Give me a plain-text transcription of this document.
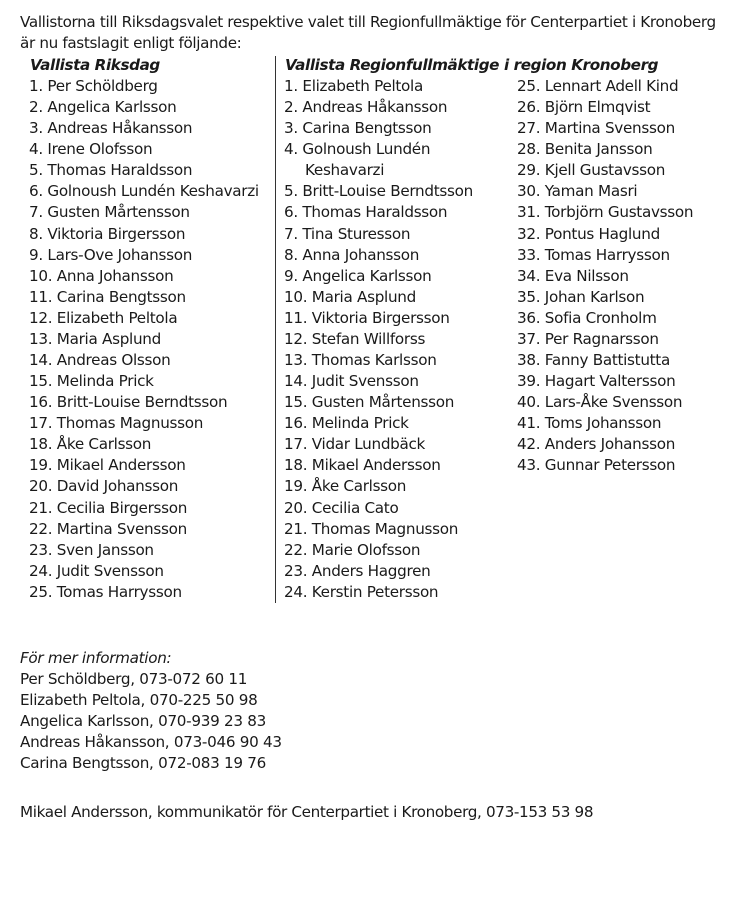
Vallistorna till Riksdagsvalet respektive valet till Regionfullmäktige för Centerpartiet i Kronoberg är nu fastslagit enligt följande:
Vallista Riksdag	Vallista Regionfullmäktige i region Kronoberg
1. Per Schöldberg
2. Angelica Karlsson
3. Andreas Håkansson
4. Irene Olofsson
5. Thomas Haraldsson
6. Golnoush Lundén Keshavarzi
7. Gusten Mårtensson
8. Viktoria Birgersson
9. Lars-Ove Johansson
10. Anna Johansson
11. Carina Bengtsson
12. Elizabeth Peltola
13. Maria Asplund
14. Andreas Olsson
15. Melinda Prick
16. Britt-Louise Berndtsson
17. Thomas Magnusson
18. Åke Carlsson
19. Mikael Andersson
20. David Johansson
21. Cecilia Birgersson
22. Martina Svensson
23. Sven Jansson
24. Judit Svensson
25. Tomas Harrysson
1. Elizabeth Peltola
2. Andreas Håkansson
3. Carina Bengtsson
4. Golnoush Lundén
Keshavarzi
5. Britt-Louise Berndtsson
6. Thomas Haraldsson
7. Tina Sturesson
8. Anna Johansson
9. Angelica Karlsson
10. Maria Asplund
11. Viktoria Birgersson
12. Stefan Willforss
13. Thomas Karlsson
14. Judit Svensson
15. Gusten Mårtensson
16. Melinda Prick
17. Vidar Lundbäck
18. Mikael Andersson
19. Åke Carlsson
20. Cecilia Cato
21. Thomas Magnusson
22. Marie Olofsson
23. Anders Haggren
24. Kerstin Petersson
25. Lennart Adell Kind
26. Björn Elmqvist
27. Martina Svensson
28. Benita Jansson
29. Kjell Gustavsson
30. Yaman Masri
31. Torbjörn Gustavsson
32. Pontus Haglund
33. Tomas Harrysson
34. Eva Nilsson
35. Johan Karlson
36. Sofia Cronholm
37. Per Ragnarsson
38. Fanny Battistutta
39. Hagart Valtersson
40. Lars-Åke Svensson
41. Toms Johansson
42. Anders Johansson
43. Gunnar Petersson
För mer information:
Per Schöldberg, 073-072 60 11
Elizabeth Peltola, 070-225 50 98
Angelica Karlsson, 070-939 23 83
Andreas Håkansson, 073-046 90 43
Carina Bengtsson, 072-083 19 76
Mikael Andersson, kommunikatör för Centerpartiet i Kronoberg, 073-153 53 98
